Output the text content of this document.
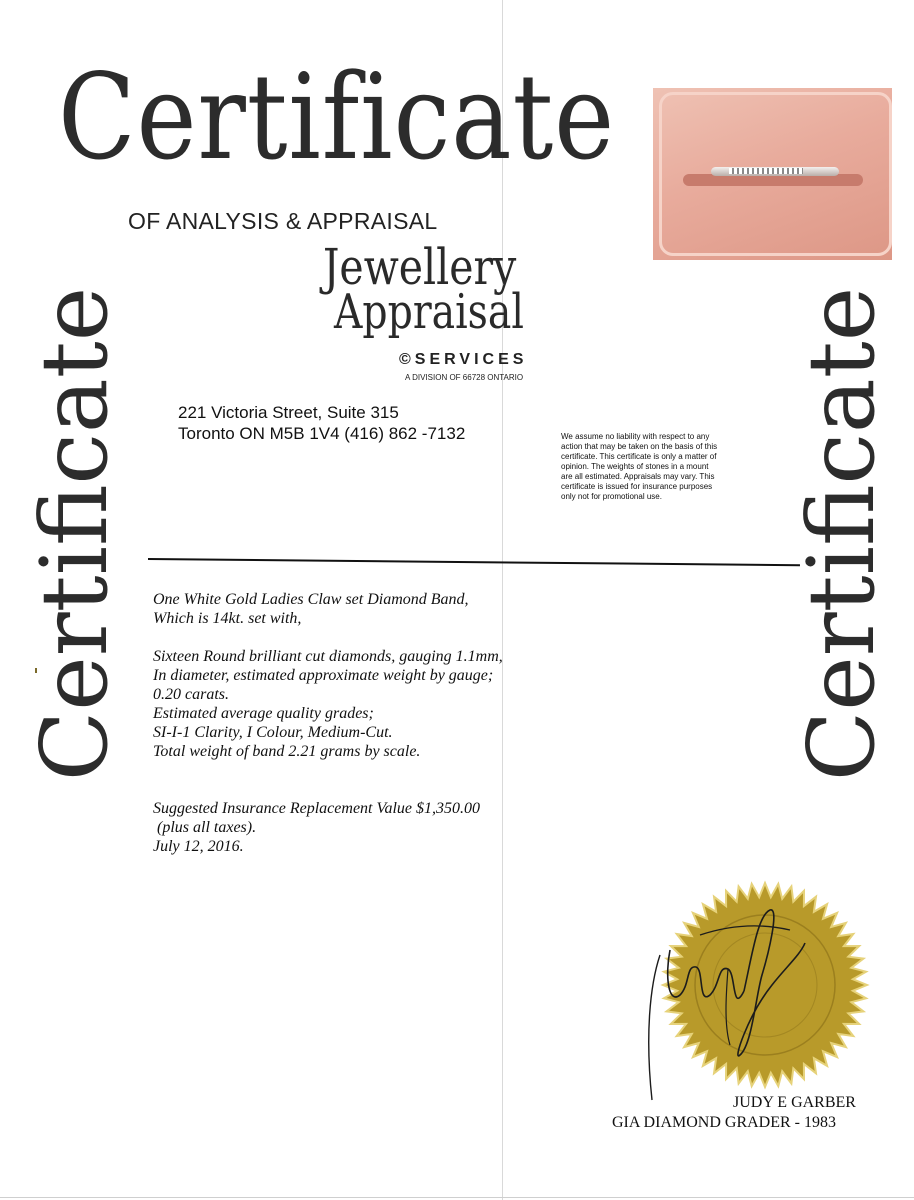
Certificate
OF ANALYSIS & APPRAISAL
Jewellery
Appraisal
©SERVICES
A DIVISION OF 66728 ONTARIO
Certificate	Certificate
221 Victoria Street, Suite 315
Toronto ON M5B 1V4 (416) 862 -7132	We assume no liability with respect to any
action that may be taken on the basis of this
certificate. This certificate is only a matter of
opinion. The weights of stones in a mount
are all estimated. Appraisals may vary. This
certificate is issued for insurance purposes
only not for promotional use.
One White Gold Ladies Claw set Diamond Band,
Which is 14kt. set with,
Sixteen Round brilliant cut diamonds, gauging 1.1mm,
In diameter, estimated approximate weight by gauge;
0.20 carats.
Estimated average quality grades;
SI-I-1 Clarity, I Colour, Medium-Cut.
Total weight of band 2.21 grams by scale.
Suggested Insurance Replacement Value $1,350.00
(plus all taxes).
July 12, 2016.
JUDY E GARBER
GIA DIAMOND GRADER - 1983
